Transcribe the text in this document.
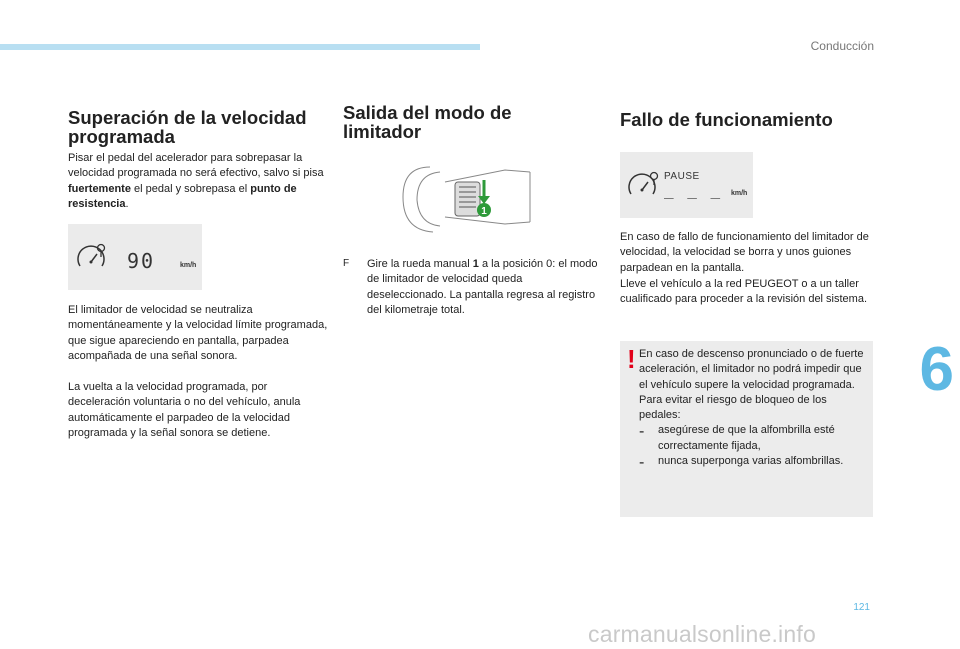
Conducción
6
Superación de la velocidad
programada

Pisar el pedal del acelerador para sobrepasar la velocidad programada no será efectivo, salvo si pisa fuertemente el pedal y sobrepasa el punto de resistencia.

90	km/h

El limitador de velocidad se neutraliza momentáneamente y la velocidad límite programada, que sigue apareciendo en pantalla, parpadea acompañada de una señal sonora.

La vuelta a la velocidad programada, por deceleración voluntaria o no del vehículo, anula automáticamente el parpadeo de la velocidad programada y la señal sonora se detiene.

Salida del modo de
limitador
1
F	Gire la rueda manual 1 a la posición 0: el modo de limitador de velocidad queda deseleccionado. La pantalla regresa al registro del kilometraje total.

Fallo de funcionamiento
PAUSE
_ _ _ km/h

En caso de fallo de funcionamiento del limitador de velocidad, la velocidad se borra y unos guiones parpadean en la pantalla.

Lleve el vehículo a la red PEUGEOT o a un taller cualificado para proceder a la revisión del sistema.

! En caso de descenso pronunciado o de fuerte aceleración, el limitador no podrá impedir que el vehículo supere la velocidad programada.

Para evitar el riesgo de bloqueo de los pedales:

-	asegúrese de que la alfombrilla esté correctamente fijada,

-	nunca superponga varias alfombrillas.

121
carmanualsonline.info
